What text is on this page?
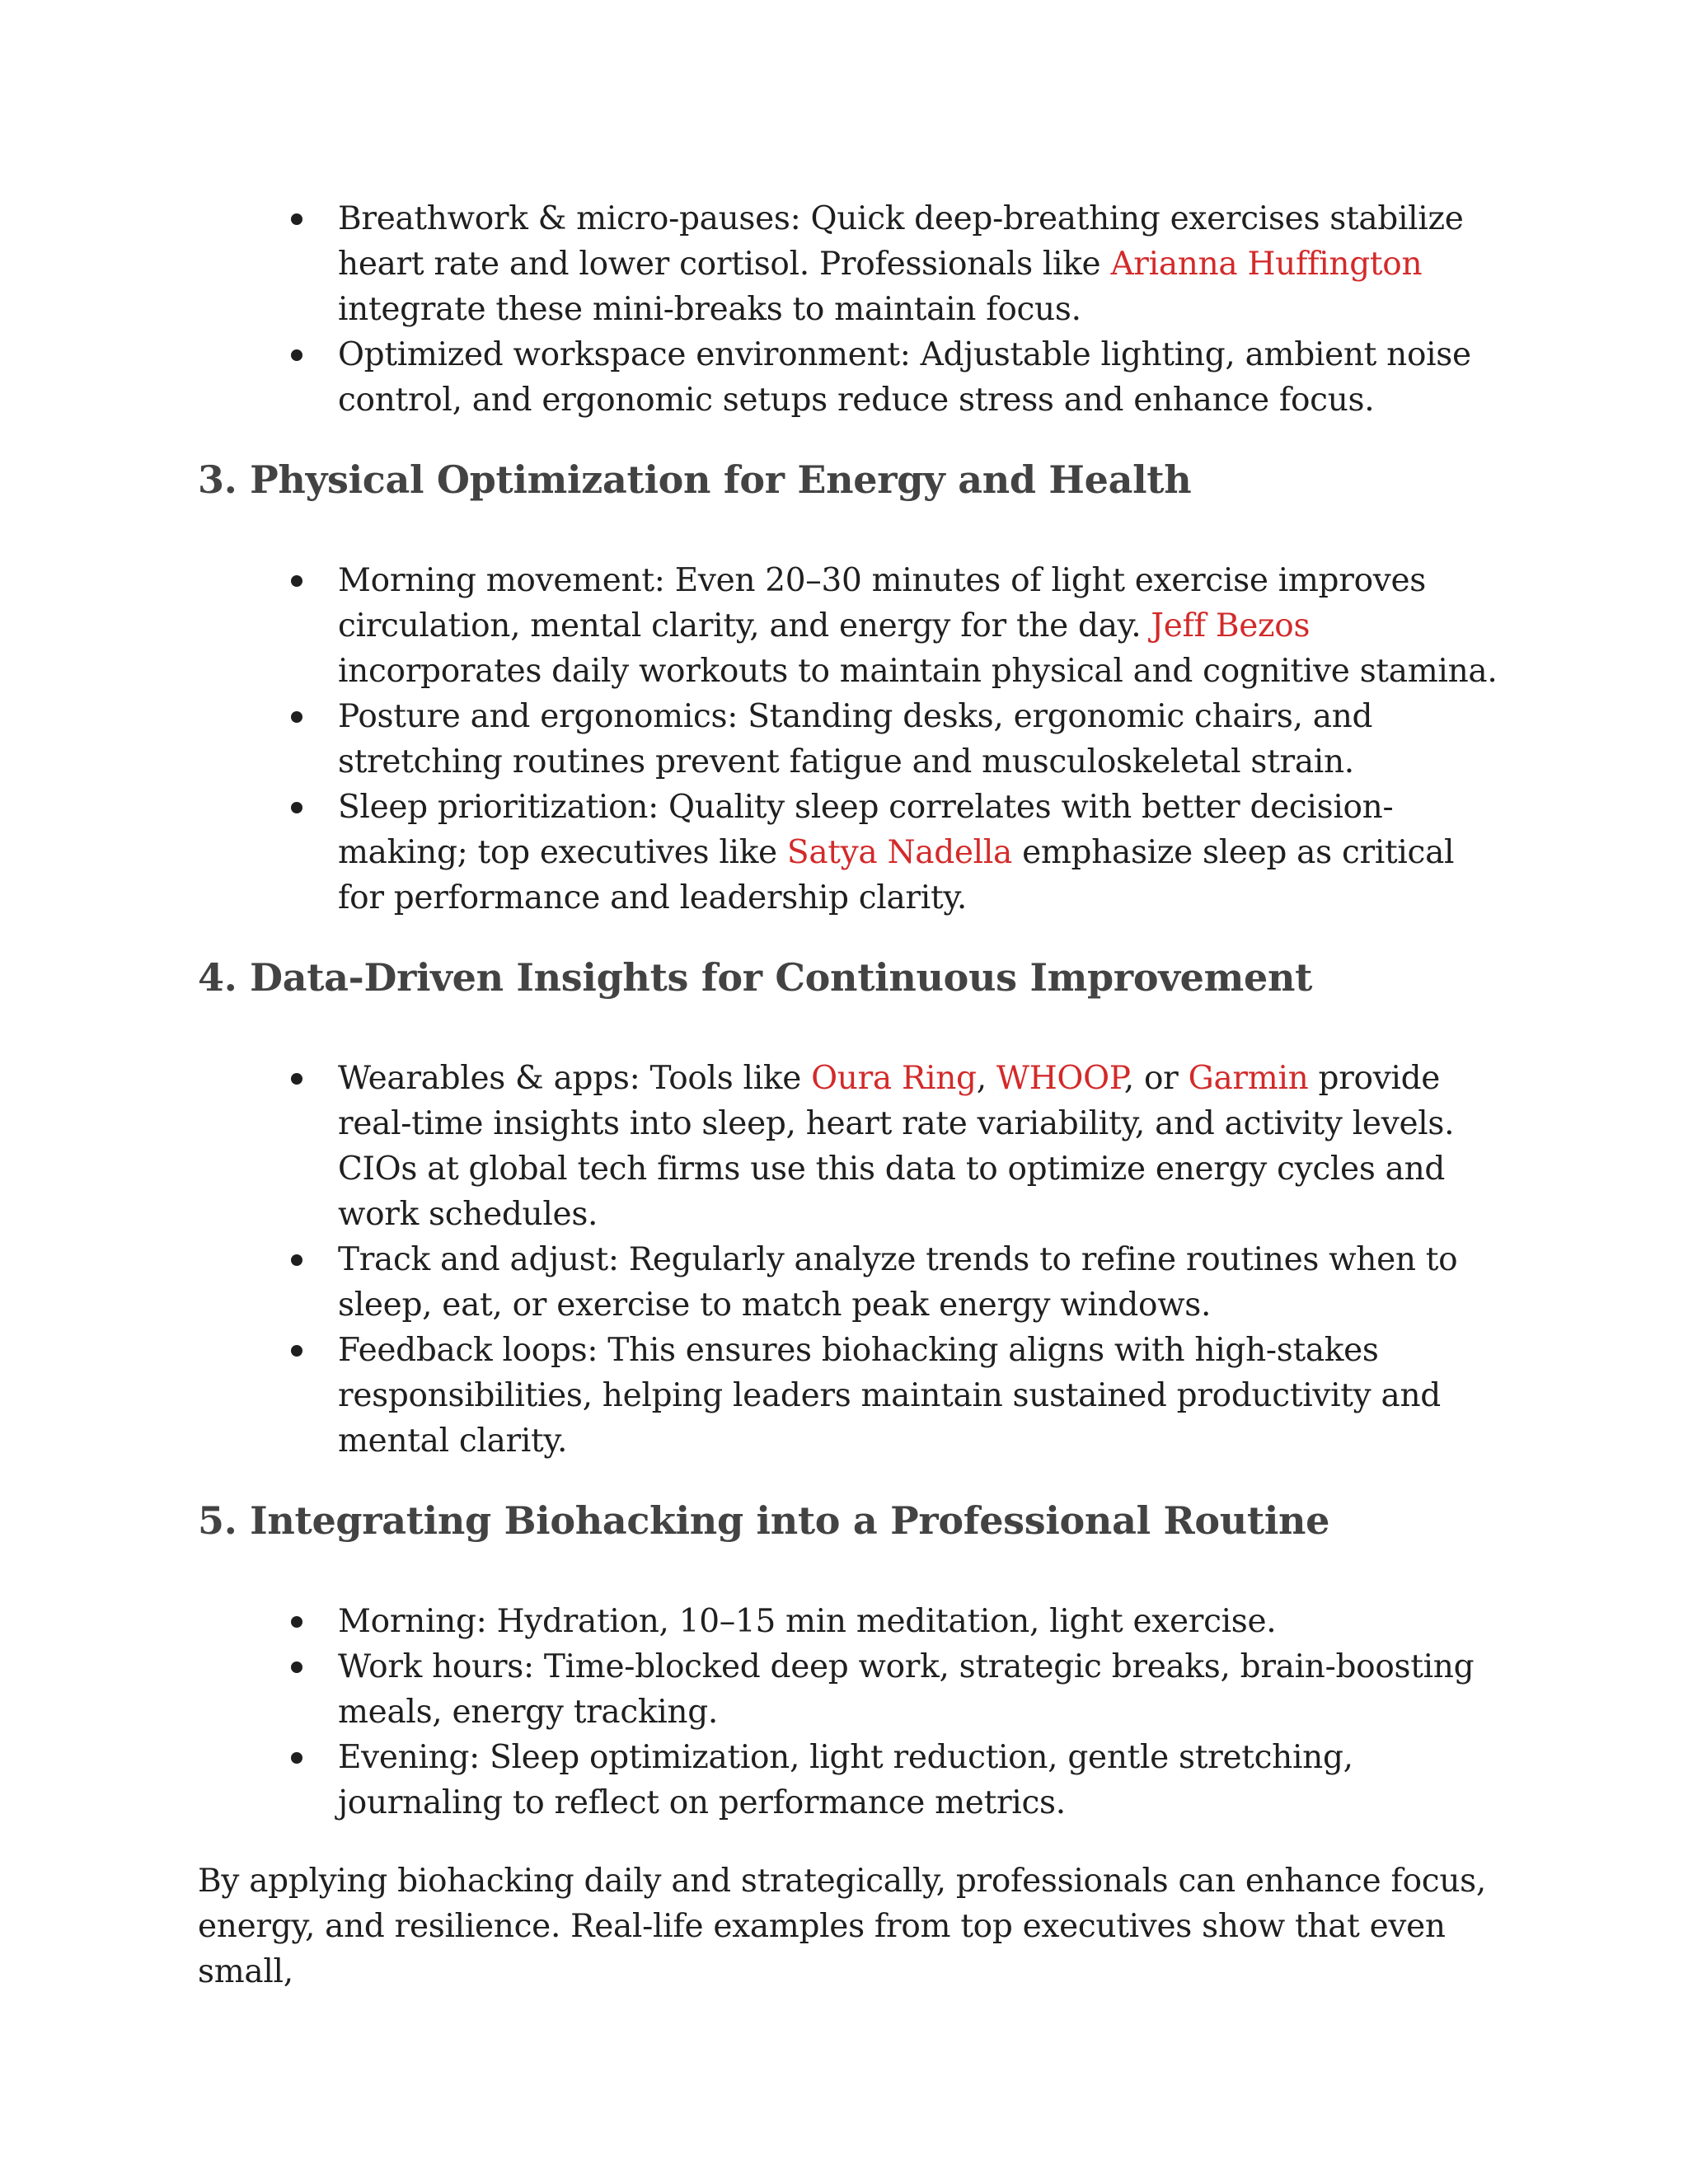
Breathwork & micro-pauses: Quick deep-breathing exercises stabilize heart rate and lower cortisol. Professionals like Arianna Huffington integrate these mini-breaks to maintain focus.
Optimized workspace environment: Adjustable lighting, ambient noise control, and ergonomic setups reduce stress and enhance focus.
3. Physical Optimization for Energy and Health
Morning movement: Even 20–30 minutes of light exercise improves circulation, mental clarity, and energy for the day. Jeff Bezos incorporates daily workouts to maintain physical and cognitive stamina.
Posture and ergonomics: Standing desks, ergonomic chairs, and stretching routines prevent fatigue and musculoskeletal strain.
Sleep prioritization: Quality sleep correlates with better decision-making; top executives like Satya Nadella emphasize sleep as critical for performance and leadership clarity.
4. Data-Driven Insights for Continuous Improvement
Wearables & apps: Tools like Oura Ring, WHOOP, or Garmin provide real-time insights into sleep, heart rate variability, and activity levels. CIOs at global tech firms use this data to optimize energy cycles and work schedules.
Track and adjust: Regularly analyze trends to refine routines when to sleep, eat, or exercise to match peak energy windows.
Feedback loops: This ensures biohacking aligns with high-stakes responsibilities, helping leaders maintain sustained productivity and mental clarity.
5. Integrating Biohacking into a Professional Routine
Morning: Hydration, 10–15 min meditation, light exercise.
Work hours: Time-blocked deep work, strategic breaks, brain-boosting meals, energy tracking.
Evening: Sleep optimization, light reduction, gentle stretching, journaling to reflect on performance metrics.

By applying biohacking daily and strategically, professionals can enhance focus, energy, and resilience. Real-life examples from top executives show that even small,
